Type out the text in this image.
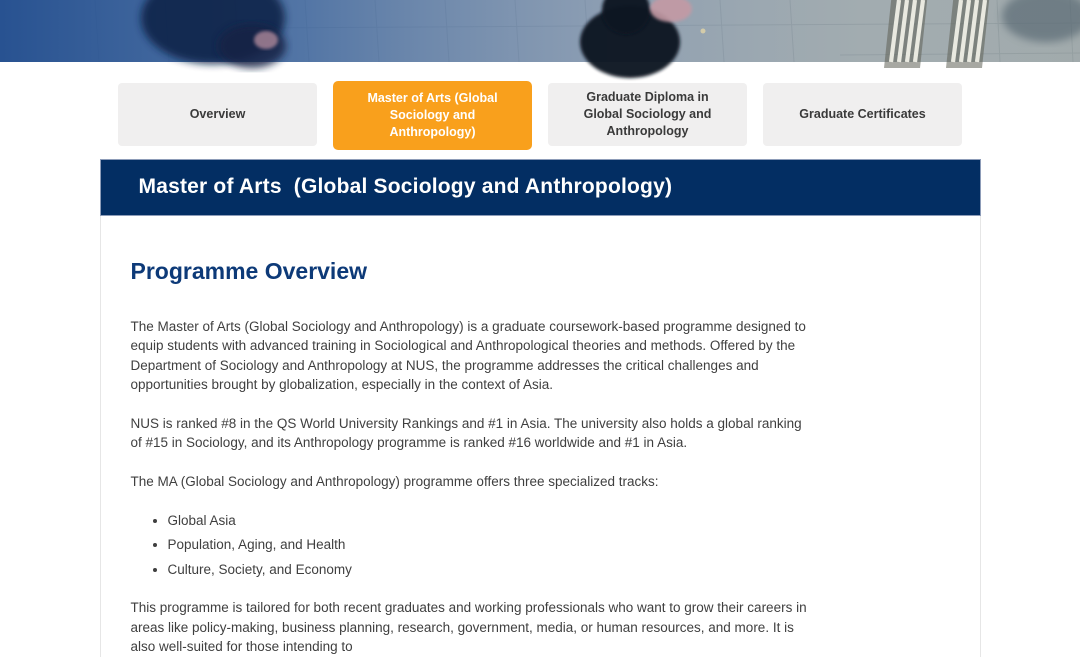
Overview
Master of Arts (Global Sociology and Anthropology)
Graduate Diploma in Global Sociology and Anthropology
Graduate Certificates
Master of Arts  (Global Sociology and Anthropology)
Programme Overview

The Master of Arts (Global Sociology and Anthropology) is a graduate coursework-based programme designed to equip students with advanced training in Sociological and Anthropological theories and methods. Offered by the Department of Sociology and Anthropology at NUS, the programme addresses the critical challenges and opportunities brought by globalization, especially in the context of Asia.

NUS is ranked #8 in the QS World University Rankings and #1 in Asia. The university also holds a global ranking of #15 in Sociology, and its Anthropology programme is ranked #16 worldwide and #1 in Asia.

The MA (Global Sociology and Anthropology) programme offers three specialized tracks:

• Global Asia
• Population, Aging, and Health
• Culture, Society, and Economy

This programme is tailored for both recent graduates and working professionals who want to grow their careers in areas like policy-making, business planning, research, government, media, or human resources, and more. It is also well-suited for those intending to
